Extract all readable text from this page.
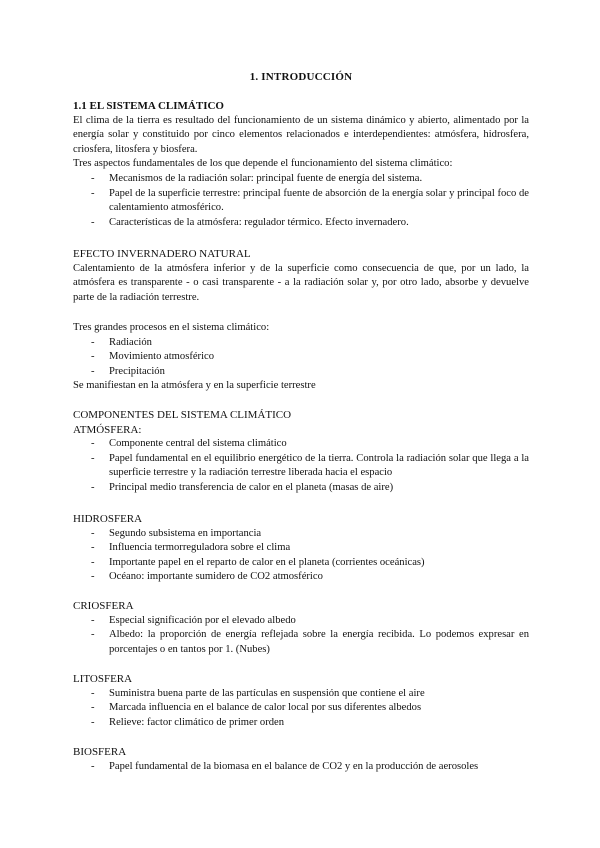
1. INTRODUCCIÓN
1.1 EL SISTEMA CLIMÁTICO

El clima de la tierra es resultado del funcionamiento de un sistema dinámico y abierto, alimentado por la energía solar y constituido por cinco elementos relacionados e interdependientes: atmósfera, hidrosfera, criosfera, litosfera y biosfera.

Tres aspectos fundamentales de los que depende el funcionamiento del sistema climático:

- Mecanismos de la radiación solar: principal fuente de energía del sistema.
- Papel de la superficie terrestre: principal fuente de absorción de la energía solar y principal foco de calentamiento atmosférico.
- Características de la atmósfera: regulador térmico. Efecto invernadero.
EFECTO INVERNADERO NATURAL

Calentamiento de la atmósfera inferior y de la superficie como consecuencia de que, por un lado, la atmósfera es transparente - o casi transparente - a la radiación solar y, por otro lado, absorbe y devuelve parte de la radiación terrestre.

Tres grandes procesos en el sistema climático:

- Radiación
- Movimiento atmosférico
- Precipitación

Se manifiestan en la atmósfera y en la superficie terrestre

COMPONENTES DEL SISTEMA CLIMÁTICO
ATMÓSFERA:
- Componente central del sistema climático
- Papel fundamental en el equilibrio energético de la tierra. Controla la radiación solar que llega a la superficie terrestre y la radiación terrestre liberada hacia el espacio
- Principal medio transferencia de calor en el planeta (masas de aire)
HIDROSFERA
- Segundo subsistema en importancia
- Influencia termorreguladora sobre el clima
- Importante papel en el reparto de calor en el planeta (corrientes oceánicas)
- Océano: importante sumidero de CO2 atmosférico
CRIOSFERA
- Especial significación por el elevado albedo
- Albedo: la proporción de energía reflejada sobre la energía recibida. Lo podemos expresar en porcentajes o en tantos por 1. (Nubes)
LITOSFERA
- Suministra buena parte de las partículas en suspensión que contiene el aire
- Marcada influencia en el balance de calor local por sus diferentes albedos
- Relieve: factor climático de primer orden
BIOSFERA
- Papel fundamental de la biomasa en el balance de CO2 y en la producción de aerosoles
